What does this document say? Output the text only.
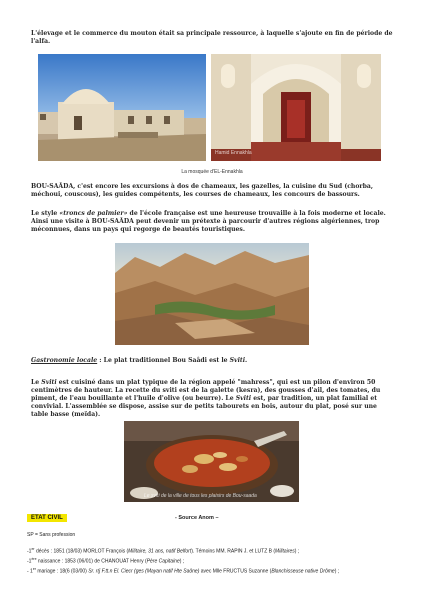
L'élevage et le commerce du mouton était sa principale ressource, à laquelle s'ajoute en fin de période de l'alfa.

Hamid Ennakhla

La mosquée d'EL-Ennakhla

BOU-SAÂDA, c'est encore les excursions à dos de chameaux, les gazelles, la cuisine du Sud (chorba, méchoui, couscous), les guides compétents, les courses de chameaux, les concours de bassours.

Le style «troncs de palmier» de l'école française est une heureuse trouvaille à la fois moderne et locale. Ainsi une visite à BOU-SAÂDA peut devenir un prétexte à parcourir d'autres régions algériennes, trop méconnues, dans un pays qui regorge de beautés touristiques.

Gastronomie locale : Le plat traditionnel Bou Saâdi est le Sviti.

Le Sviti est cuisiné dans un plat typique de la région appelé "mahress", qui est un pilon d'environ 50 centimètres de hauteur. La recette du sviti est de la galette (kesra), des gousses d'ail, des tomates, du piment, de l'eau bouillante et l'huile d'olive (ou beurre). Le Sviti est, par tradition, un plat familial et convivial. L'assemblée se dispose, assise sur de petits tabourets en bois, autour du plat, posé sur une table basse (meïda).

Le sviti de la ville de tous les plaisirs de Bou-saada
ETAT CIVIL	- Source Anom –

SP = Sans profession

-1er décès : 1851 (18/03) MORLOT François (Militaire, 31 ans, natif Belfort). Témoins MM. RAPIN J. et LUTZ B (Militaires) ;

-1ère naissance : 1853 (06/01) de CHANOUAT Henry (Père Capitaine) ;

- 1er mariage : 18(6 (03/00) Sr. r(j F.tt.n El. Ciecr (ges (Mayan natif Hte Saône) avec Mlle FRUCTUS Suzanne (Blanchisseuse native Drôme) ;
